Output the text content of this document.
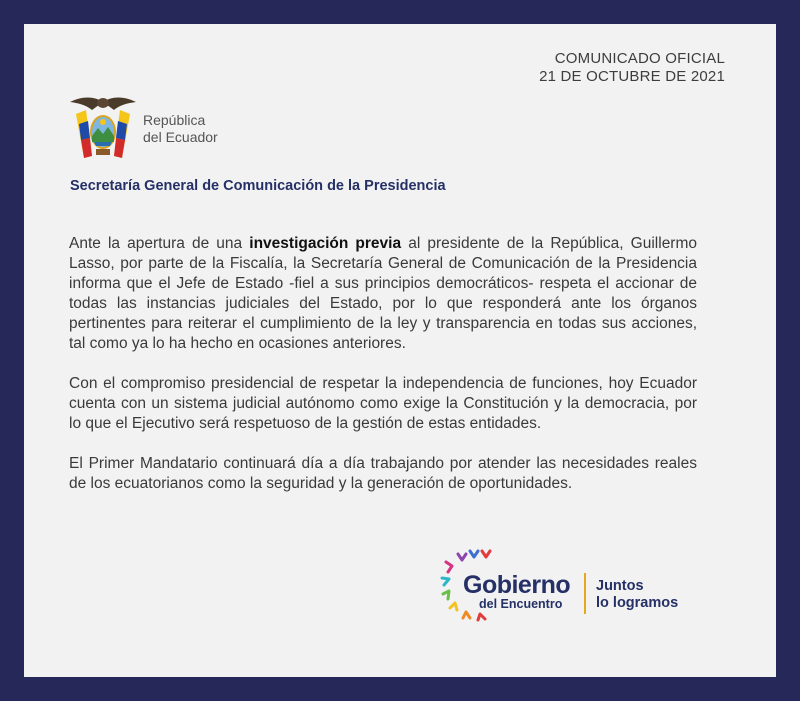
COMUNICADO OFICIAL
21 DE OCTUBRE DE 2021
República
del Ecuador
Secretaría General de Comunicación de la Presidencia

Ante la apertura de una investigación previa al presidente de la República, Guillermo Lasso, por parte de la Fiscalía, la Secretaría General de Comunicación de la Presidencia informa que el Jefe de Estado -fiel a sus principios democráticos- respeta el accionar de todas las instancias judiciales del Estado, por lo que responderá ante los órganos pertinentes para reiterar el cumplimiento de la ley y transparencia en todas sus acciones, tal como ya lo ha hecho en ocasiones anteriores.

Con el compromiso presidencial de respetar la independencia de funciones, hoy Ecuador cuenta con un sistema judicial autónomo como exige la Constitución y la democracia, por lo que el Ejecutivo será respetuoso de la gestión de estas entidades.

El Primer Mandatario continuará día a día trabajando por atender las necesidades reales de los ecuatorianos como la seguridad y la generación de oportunidades.

Gobierno
del Encuentro
Juntos
lo logramos
